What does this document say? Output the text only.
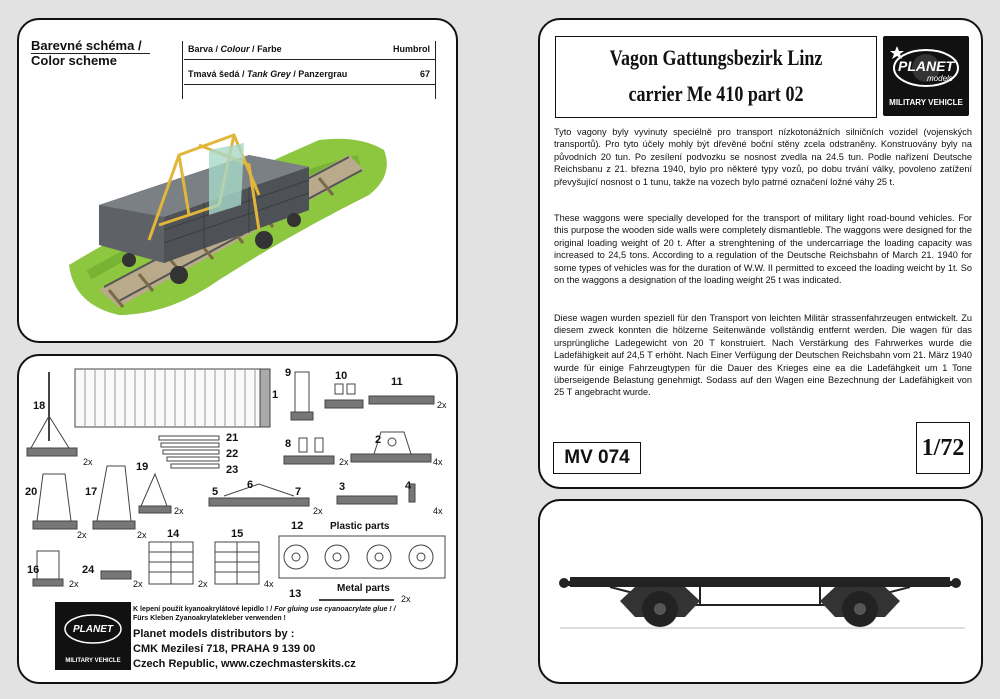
Barevné schéma /
Color scheme
Barva / Colour / Farbe	Humbrol
Tmavá šedá / Tank Grey / Panzergrau	67
1
2
3	4
5
6
7
8
9	10	11
12
13
14	15
16
17
18
19
20
21
22
23
24
2x
2x
2x	4x
2x	2x
2x	2x	4x
2x	2x	2x	4x
2x
Plastic parts
Metal parts
PLANET
MILITARY VEHICLE
K lepení použít kyanoakrylátové lepidlo ! / For gluing use cyanoacrylate glue ! /
Fürs Kleben Zyanoakrylatekleber verwenden !
Planet models distributors by :
CMK Mezilesí 718, PRAHA 9 139 00
Czech Republic, www.czechmasterskits.cz
Vagon Gattungsbezirk Linz
carrier Me 410 part 02
PLANET
models
MILITARY VEHICLE
Tyto vagony byly vyvinuty speciélně pro transport nízkotonážních silničních vozidel (vojenských transportů). Pro tyto účely mohly být dřevěné boční stěny zcela odstraněny. Konstruovány byly na původních 20 tun. Po zesílení podvozku se nosnost zvedla na 24.5 tun. Podle nařízení Deutsche Reichsbanu z 21. března 1940, bylo pro některé typy vozů, po dobu trvání války, povoleno zatížení převyšující nosnost o 1 tunu, takže na vozech bylo patrné označení ložné váhy 25 t.
These waggons were specially developed for the transport of military light road-bound vehicles. For this purpose the wooden side walls were completely dismantleble. The waggons were designed for the original loading weight of 20 t. After a strenghtening of the undercarriage the loading capacity was increased to 24,5 tons. According to a regulation of the Deutsche Reichsbahn of March 21. 1940 for some types of vehicles was for the duration of W.W. II permitted to exceed the loading weicht by 1t. So on the waggons a designation of the loading weight 25 t was indicated.
Diese wagen wurden speziell für den Transport von leichten Militär strassenfahrzeugen entwickelt. Zu diesem zweck konnten die hölzerne Seitenwände vollständig entfernt werden. Die wagen für das ursprüngliche Ladegewicht von 20 T konstruiert. Nach Verstärkung des Fahrwerkes wurde die Ladefähigkeit auf 24,5 T erhöht. Nach Einer Verfügung der Deutschen Reichsbahn vom 21. März 1940 wurde für einige Fahrzeugtypen für die Dauer des Krieges eine ea die Ladefähgkeit um 1 Tone überseigende Belastung genehmigt. Sodass auf den Wagen eine Bezechnung der Ladefähigkeit von 25 T angebracht wurde.
MV 074	1/72
